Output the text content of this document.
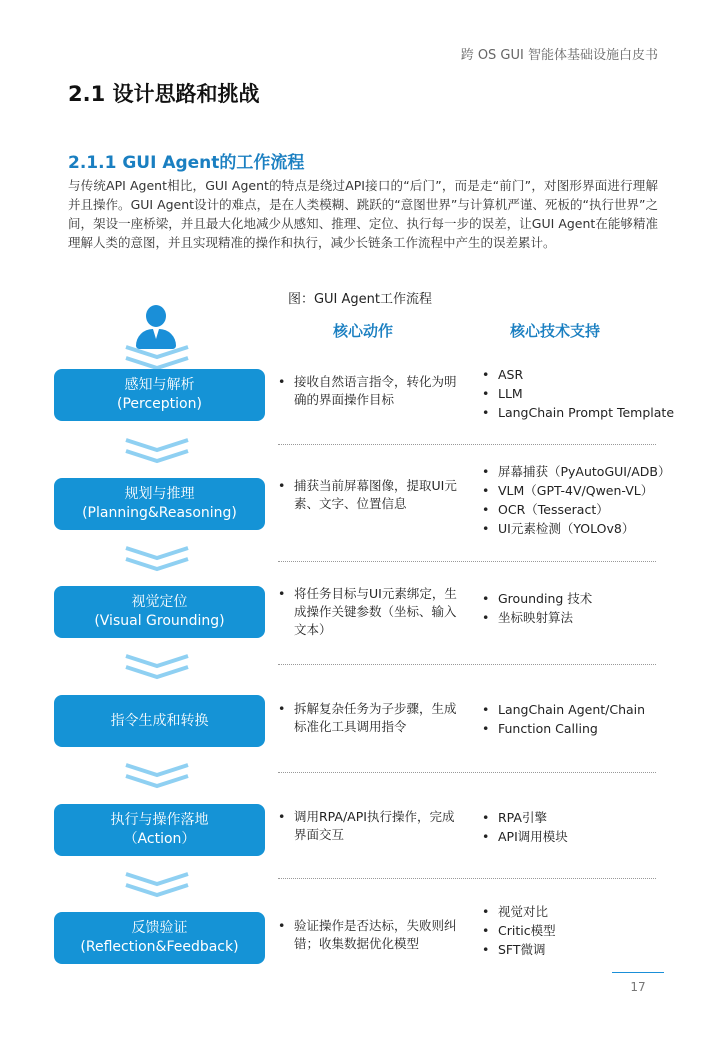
跨 OS GUI 智能体基础设施白皮书
2.1 设计思路和挑战
2.1.1 GUI Agent的工作流程

与传统API Agent相比，GUI Agent的特点是绕过API接口的“后门”，而是走“前门”，对图形界面进行理解并且操作。GUI Agent设计的难点，是在人类模糊、跳跃的“意图世界”与计算机严谨、死板的“执行世界”之间，架设一座桥梁，并且最大化地减少从感知、推理、定位、执行每一步的误差，让GUI Agent在能够精准理解人类的意图，并且实现精准的操作和执行，减少长链条工作流程中产生的误差累计。

图：GUI Agent工作流程
核心动作	核心技术支持
感知与解析
(Perception)
• 接收自然语言指令，转化为明确的界面操作目标
• ASR
• LLM
• LangChain Prompt Template
规划与推理
(Planning&Reasoning)
• 捕获当前屏幕图像，提取UI元素、文字、位置信息
• 屏幕捕获（PyAutoGUI/ADB）
• VLM（GPT-4V/Qwen-VL）
• OCR（Tesseract）
• UI元素检测（YOLOv8）
视觉定位
(Visual Grounding)
• 将任务目标与UI元素绑定，生成操作关键参数（坐标、输入文本）
• Grounding 技术
• 坐标映射算法
指令生成和转换
• 拆解复杂任务为子步骤，生成标准化工具调用指令
• LangChain Agent/Chain
• Function Calling
执行与操作落地
（Action）
• 调用RPA/API执行操作，完成界面交互
• RPA引擎
• API调用模块
反馈验证
(Reflection&Feedback)
• 验证操作是否达标，失败则纠错；收集数据优化模型
• 视觉对比
• Critic模型
• SFT微调
17
